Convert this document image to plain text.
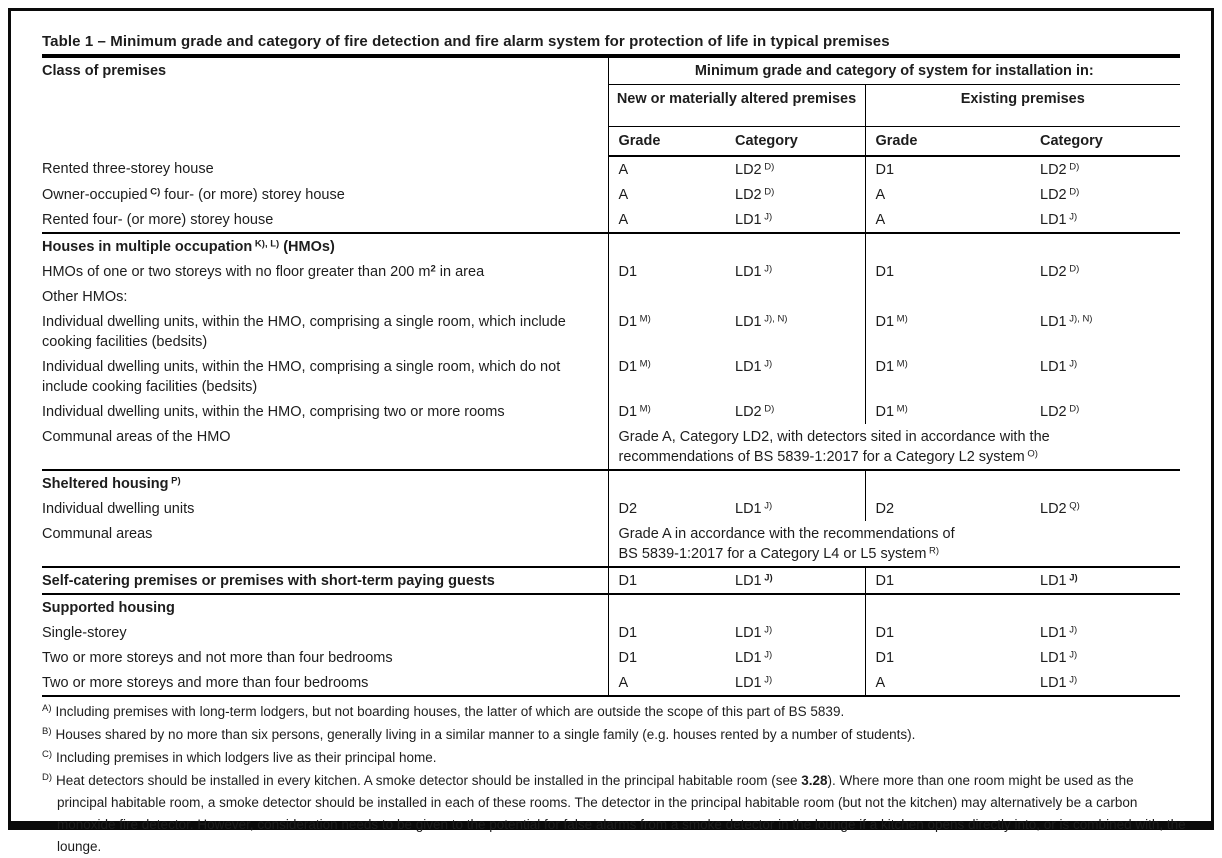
Table 1 – Minimum grade and category of fire detection and fire alarm system for protection of life in typical premises
Class of premises	Minimum grade and category of system for installation in:			
	New or materially altered premises		Existing premises	
	Grade	Category	Grade	Category
Rented three-storey house	A	LD2 $^{D)}$	D1	LD2 $^{D)}$
Owner-occupied $^{C)}$ four- (or more) storey house	A	LD2 $^{D)}$	A	LD2 $^{D)}$
Rented four- (or more) storey house	A	LD1 $^{J)}$	A	LD1 $^{J)}$
Houses in multiple occupation $^{K), L)}$ (HMOs)				
HMOs of one or two storeys with no floor greater than 200 $m^2$ in area	D1	LD1 $^{J)}$	D1	LD2 $^{D)}$
Other HMOs:				
Individual dwelling units, within the HMO, comprising a single room, which include cooking facilities (bedsits)	D1 $^{M)}$	LD1 $^{J), N)}$	D1 $^{M)}$	LD1 $^{J), N)}$
Individual dwelling units, within the HMO, comprising a single room, which do not include cooking facilities (bedsits)	D1 $^{M)}$	LD1 $^{J)}$	D1 $^{M)}$	LD1 $^{J)}$
Individual dwelling units, within the HMO, comprising two or more rooms	D1 $^{M)}$	LD2 $^{D)}$	D1 $^{M)}$	LD2 $^{D)}$
Communal areas of the HMO	Grade A, Category LD2, with detectors sited in accordance with the
recommendations of BS 5839-1:2017 for a Category L2 system $^{O)}$

Sheltered housing $^{P)}$				
Individual dwelling units	D2	LD1 $^{J)}$	D2	LD2 $^{Q)}$
Communal areas	Grade A in accordance with the recommendations of
BS 5839-1:2017 for a Category L4 or L5 system $^{R)}$

Self-catering premises or premises with short-term paying guests	D1	LD1 $^{J)}$	D1	LD1 $^{J)}$
Supported housing				
Single-storey	D1	LD1 $^{J)}$	D1	LD1 $^{J)}$
Two or more storeys and not more than four bedrooms	D1	LD1 $^{J)}$	D1	LD1 $^{J)}$
Two or more storeys and more than four bedrooms	A	LD1 $^{J)}$	A	LD1 $^{J)}$

$^{A)}$ Including premises with long-term lodgers, but not boarding houses, the latter of which are outside the scope of this part of BS 5839.

$^{B)}$ Houses shared by no more than six persons, generally living in a similar manner to a single family (e.g. houses rented by a number of students).

$^{C)}$ Including premises in which lodgers live as their principal home.

$^{D)}$ Heat detectors should be installed in every kitchen. A smoke detector should be installed in the principal habitable room (see 3.28). Where more than one room might be used as the principal habitable room, a smoke detector should be installed in each of these rooms. The detector in the principal habitable room (but not the kitchen) may alternatively be a carbon monoxide fire detector. However, consideration needs to be given to the potential for false alarms from a smoke detector in the lounge if a kitchen opens directly into, or is combined with, the lounge.
